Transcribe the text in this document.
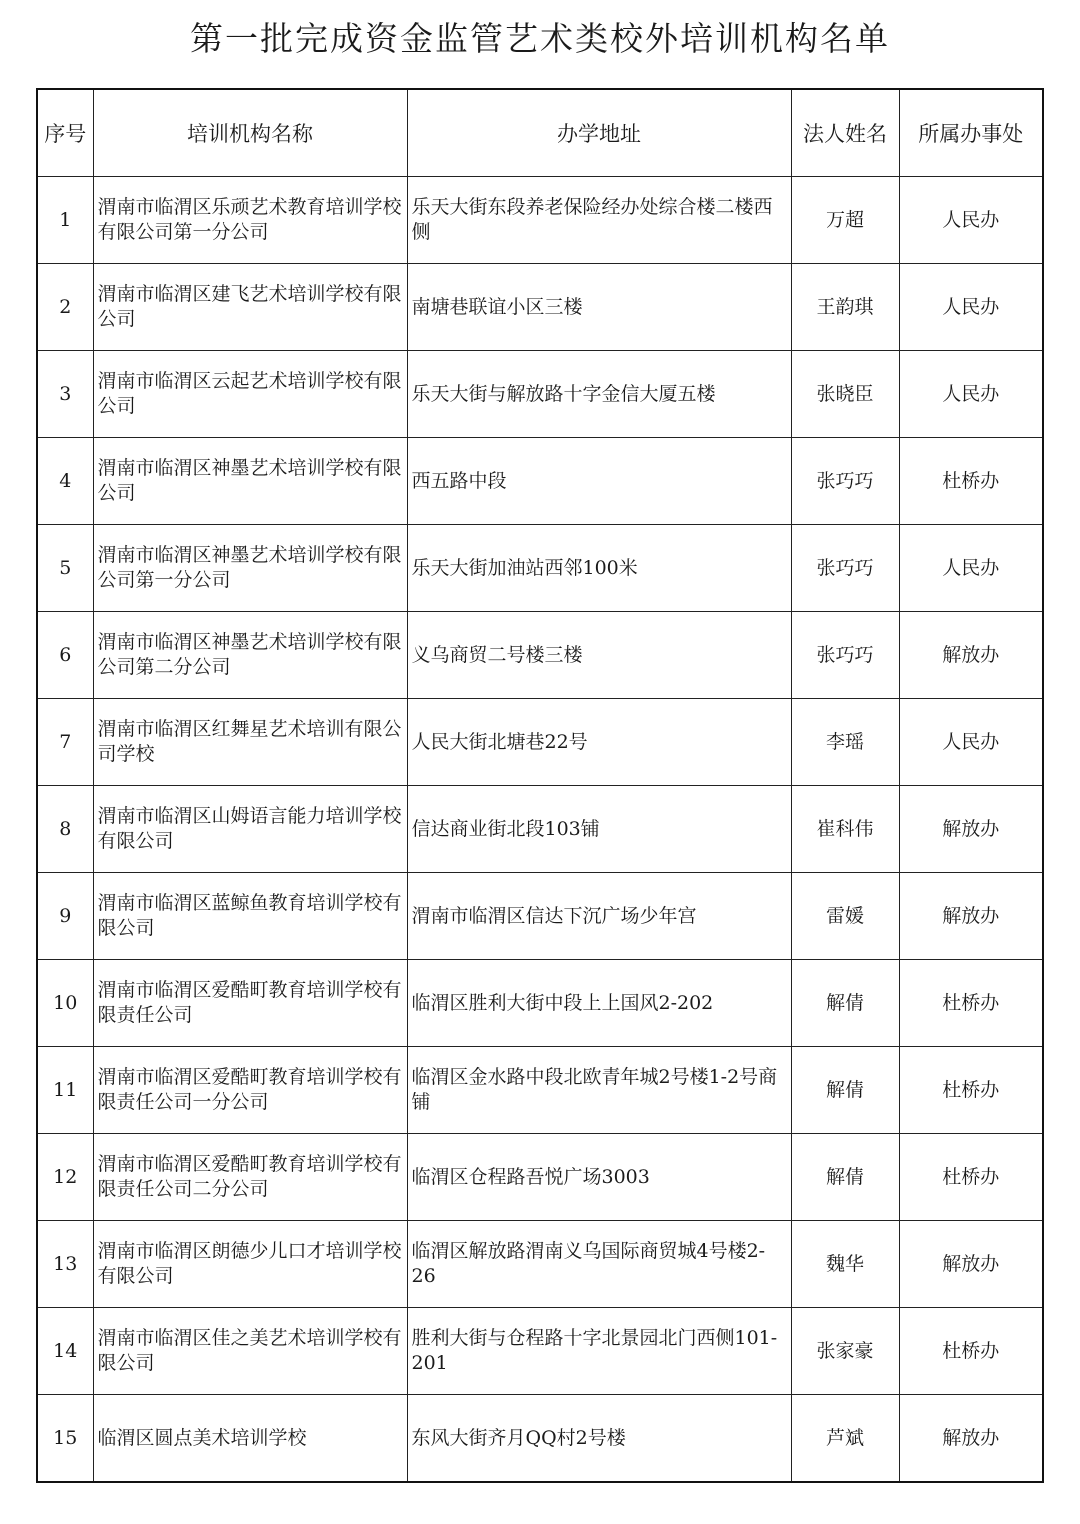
第一批完成资金监管艺术类校外培训机构名单
序号	培训机构名称	办学地址	法人姓名	所属办事处
1	渭南市临渭区乐顽艺术教育培训学校有限公司第一分公司	乐天大街东段养老保险经办处综合楼二楼西侧	万超	人民办
2	渭南市临渭区建飞艺术培训学校有限公司	南塘巷联谊小区三楼	王韵琪	人民办
3	渭南市临渭区云起艺术培训学校有限公司	乐天大街与解放路十字金信大厦五楼	张晓臣	人民办
4	渭南市临渭区神墨艺术培训学校有限公司	西五路中段	张巧巧	杜桥办
5	渭南市临渭区神墨艺术培训学校有限公司第一分公司	乐天大街加油站西邻100米	张巧巧	人民办
6	渭南市临渭区神墨艺术培训学校有限公司第二分公司	义乌商贸二号楼三楼	张巧巧	解放办
7	渭南市临渭区红舞星艺术培训有限公司学校	人民大街北塘巷22号	李瑶	人民办
8	渭南市临渭区山姆语言能力培训学校有限公司	信达商业街北段103铺	崔科伟	解放办
9	渭南市临渭区蓝鲸鱼教育培训学校有限公司	渭南市临渭区信达下沉广场少年宫	雷媛	解放办
10	渭南市临渭区爱酷町教育培训学校有限责任公司	临渭区胜利大街中段上上国风2-202	解倩	杜桥办
11	渭南市临渭区爱酷町教育培训学校有限责任公司一分公司	临渭区金水路中段北欧青年城2号楼1-2号商铺	解倩	杜桥办
12	渭南市临渭区爱酷町教育培训学校有限责任公司二分公司	临渭区仓程路吾悦广场3003	解倩	杜桥办
13	渭南市临渭区朗德少儿口才培训学校有限公司	临渭区解放路渭南义乌国际商贸城4号楼2-26	魏华	解放办
14	渭南市临渭区佳之美艺术培训学校有限公司	胜利大街与仓程路十字北景园北门西侧101-201	张家豪	杜桥办
15	临渭区圆点美术培训学校	东风大街齐月QQ村2号楼	芦斌	解放办
